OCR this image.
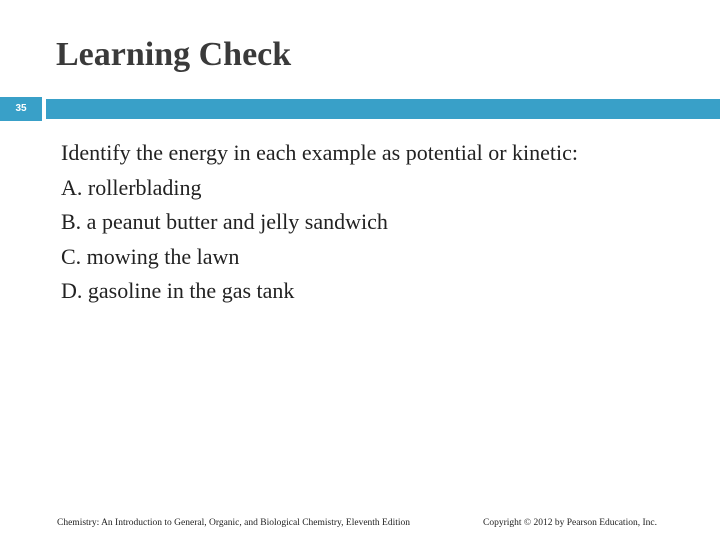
Learning Check
35
Identify the energy in each example as potential or kinetic:
A. rollerblading
B. a peanut butter and jelly sandwich
C. mowing the lawn
D. gasoline in the gas tank
Chemistry: An Introduction to General, Organic, and Biological Chemistry, Eleventh Edition	Copyright © 2012 by Pearson Education, Inc.
